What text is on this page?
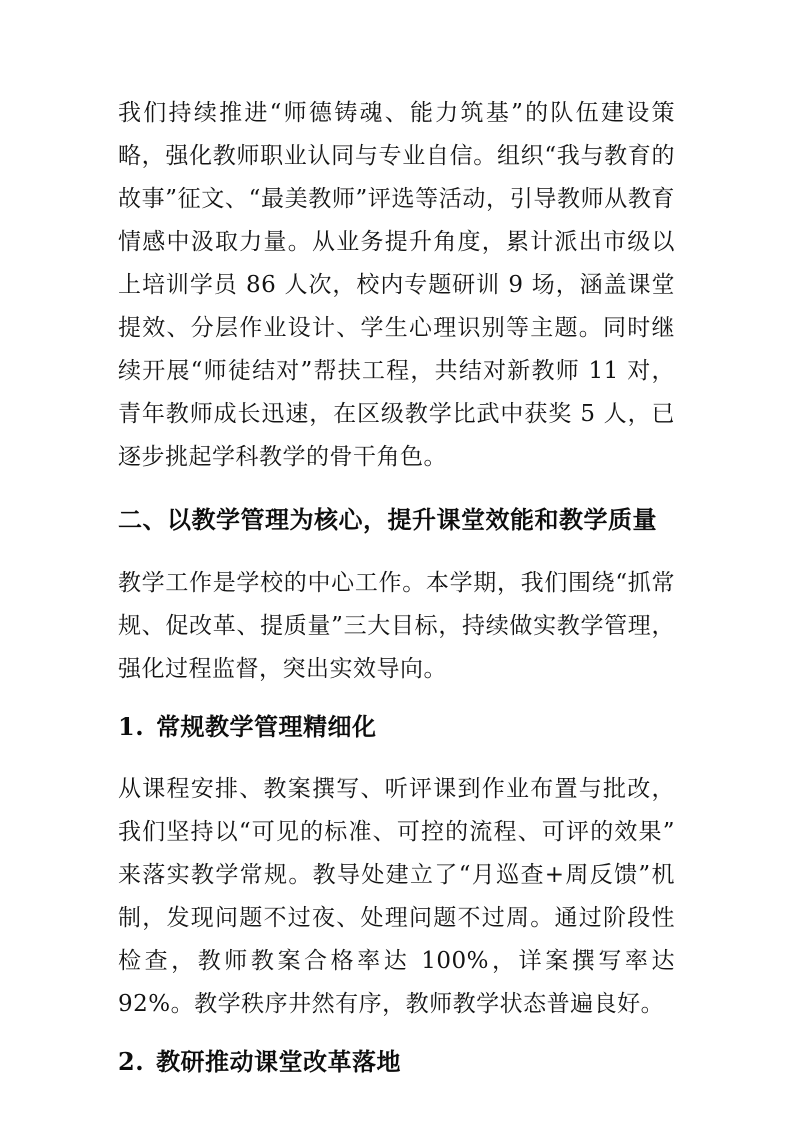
我们持续推进“师德铸魂、能力筑基”的队伍建设策略，强化教师职业认同与专业自信。组织“我与教育的故事”征文、“最美教师”评选等活动，引导教师从教育情感中汲取力量。从业务提升角度，累计派出市级以上培训学员 86 人次，校内专题研训 9 场，涵盖课堂提效、分层作业设计、学生心理识别等主题。同时继续开展“师徒结对”帮扶工程，共结对新教师 11 对，青年教师成长迅速，在区级教学比武中获奖 5 人，已逐步挑起学科教学的骨干角色。

二、以教学管理为核心，提升课堂效能和教学质量

教学工作是学校的中心工作。本学期，我们围绕“抓常规、促改革、提质量”三大目标，持续做实教学管理，强化过程监督，突出实效导向。

1. 常规教学管理精细化

从课程安排、教案撰写、听评课到作业布置与批改，我们坚持以“可见的标准、可控的流程、可评的效果”来落实教学常规。教导处建立了“月巡查+周反馈”机制，发现问题不过夜、处理问题不过周。通过阶段性检查，教师教案合格率达 100%，详案撰写率达 92%。教学秩序井然有序，教师教学状态普遍良好。

2. 教研推动课堂改革落地
